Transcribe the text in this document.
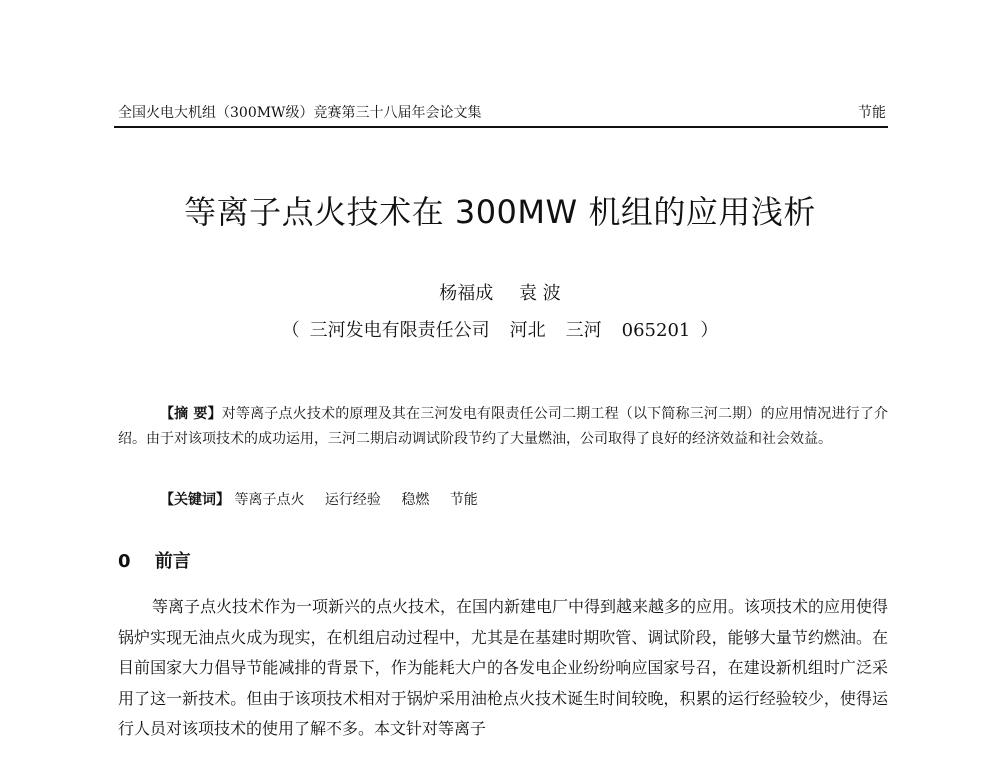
全国火电大机组（300MW级）竞赛第三十八届年会论文集	节能
等离子点火技术在 300MW 机组的应用浅析
杨福成 袁 波
（ 三河发电有限责任公司 河北 三河 065201 ）
【摘 要】对等离子点火技术的原理及其在三河发电有限责任公司二期工程（以下简称三河二期）的应用情况进行了介绍。由于对该项技术的成功运用，三河二期启动调试阶段节约了大量燃油，公司取得了良好的经济效益和社会效益。
【关键词】 等离子点火 运行经验 稳燃 节能
0 前言
等离子点火技术作为一项新兴的点火技术，在国内新建电厂中得到越来越多的应用。该项技术的应用使得锅炉实现无油点火成为现实，在机组启动过程中，尤其是在基建时期吹管、调试阶段，能够大量节约燃油。在目前国家大力倡导节能减排的背景下，作为能耗大户的各发电企业纷纷响应国家号召，在建设新机组时广泛采用了这一新技术。但由于该项技术相对于锅炉采用油枪点火技术诞生时间较晚，积累的运行经验较少，使得运行人员对该项技术的使用了解不多。本文针对等离子
